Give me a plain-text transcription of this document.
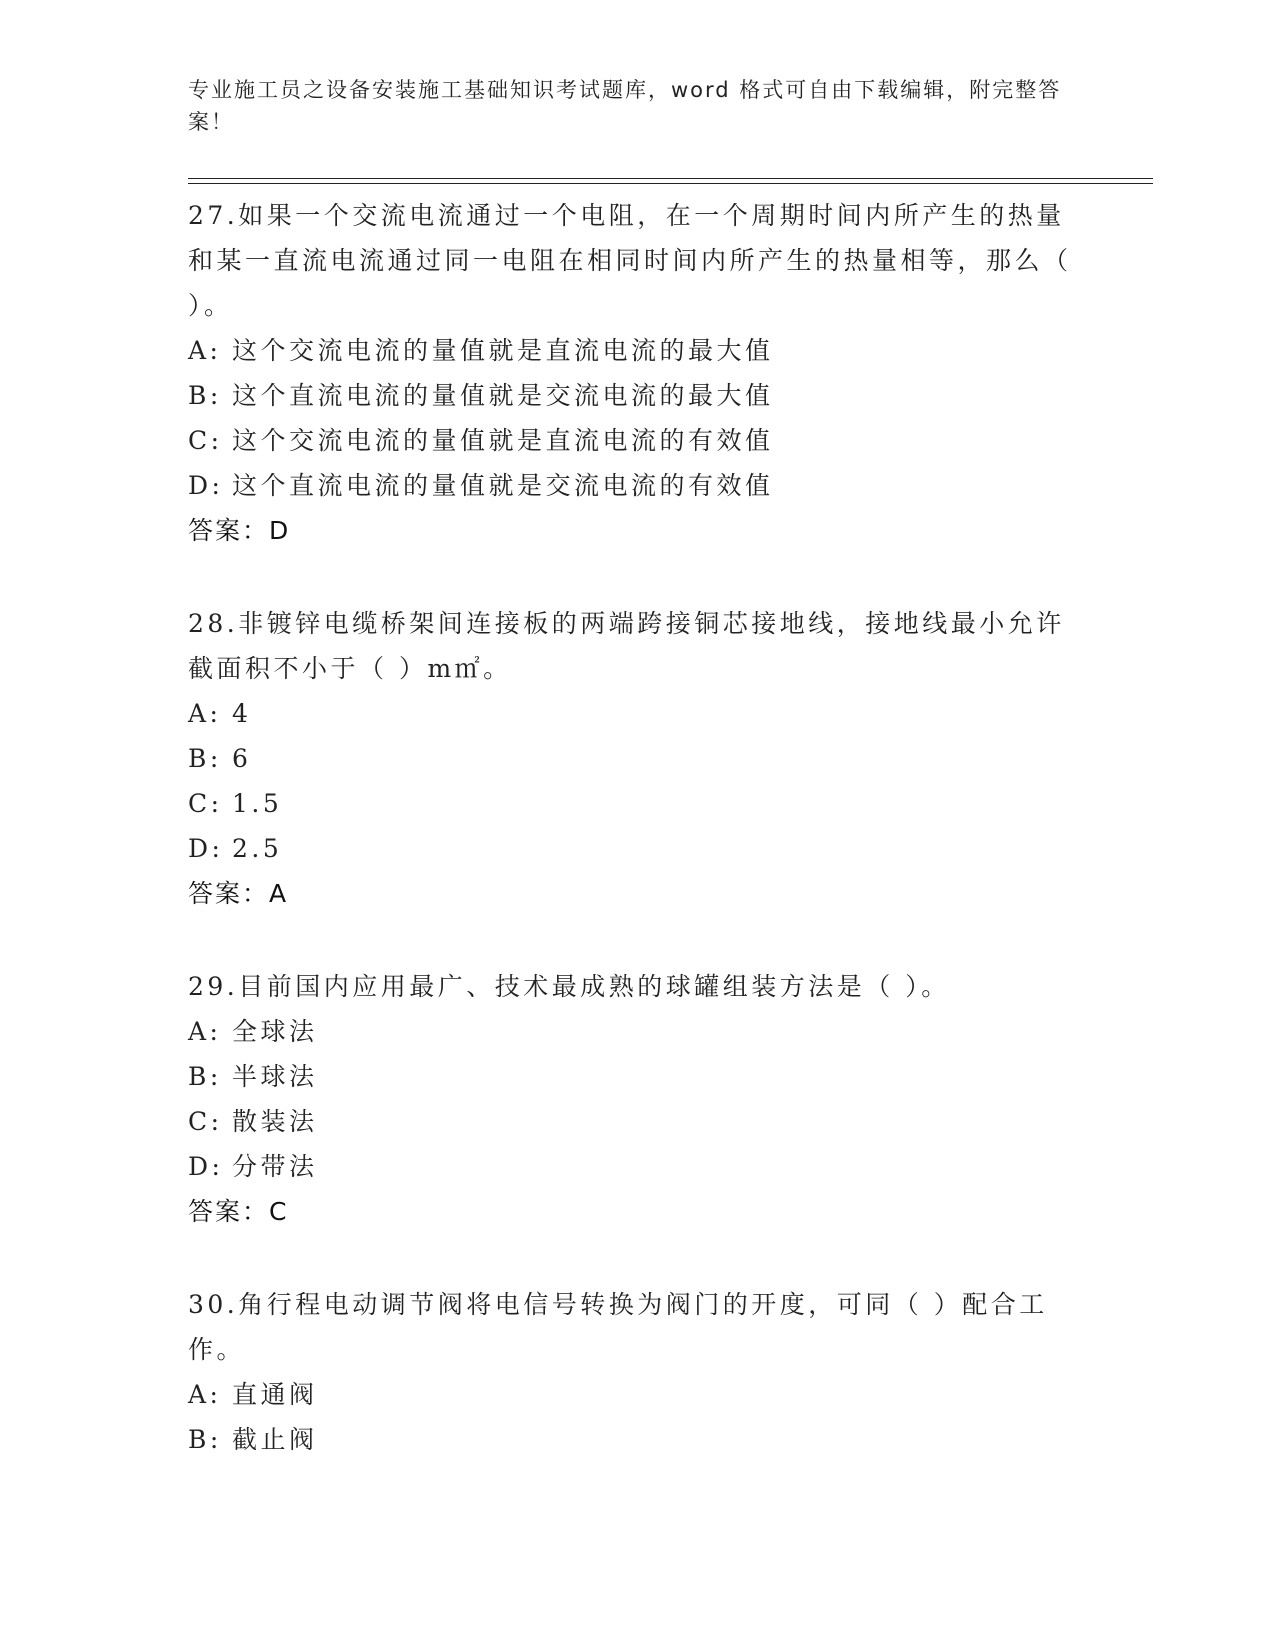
专业施工员之设备安装施工基础知识考试题库，word 格式可自由下载编辑，附完整答案！

27.如果一个交流电流通过一个电阻，在一个周期时间内所产生的热量和某一直流电流通过同一电阻在相同时间内所产生的热量相等，那么（ ）。

A: 这个交流电流的量值就是直流电流的最大值
B: 这个直流电流的量值就是交流电流的最大值
C: 这个交流电流的量值就是直流电流的有效值
D: 这个直流电流的量值就是交流电流的有效值
答案：D

28.非镀锌电缆桥架间连接板的两端跨接铜芯接地线，接地线最小允许截面积不小于（ ）m㎡。

A: 4
B: 6
C: 1.5
D: 2.5
答案：A

29.目前国内应用最广、技术最成熟的球罐组装方法是（ ）。

A: 全球法
B: 半球法
C: 散装法
D: 分带法
答案：C

30.角行程电动调节阀将电信号转换为阀门的开度，可同（ ）配合工作。

A: 直通阀
B: 截止阀
